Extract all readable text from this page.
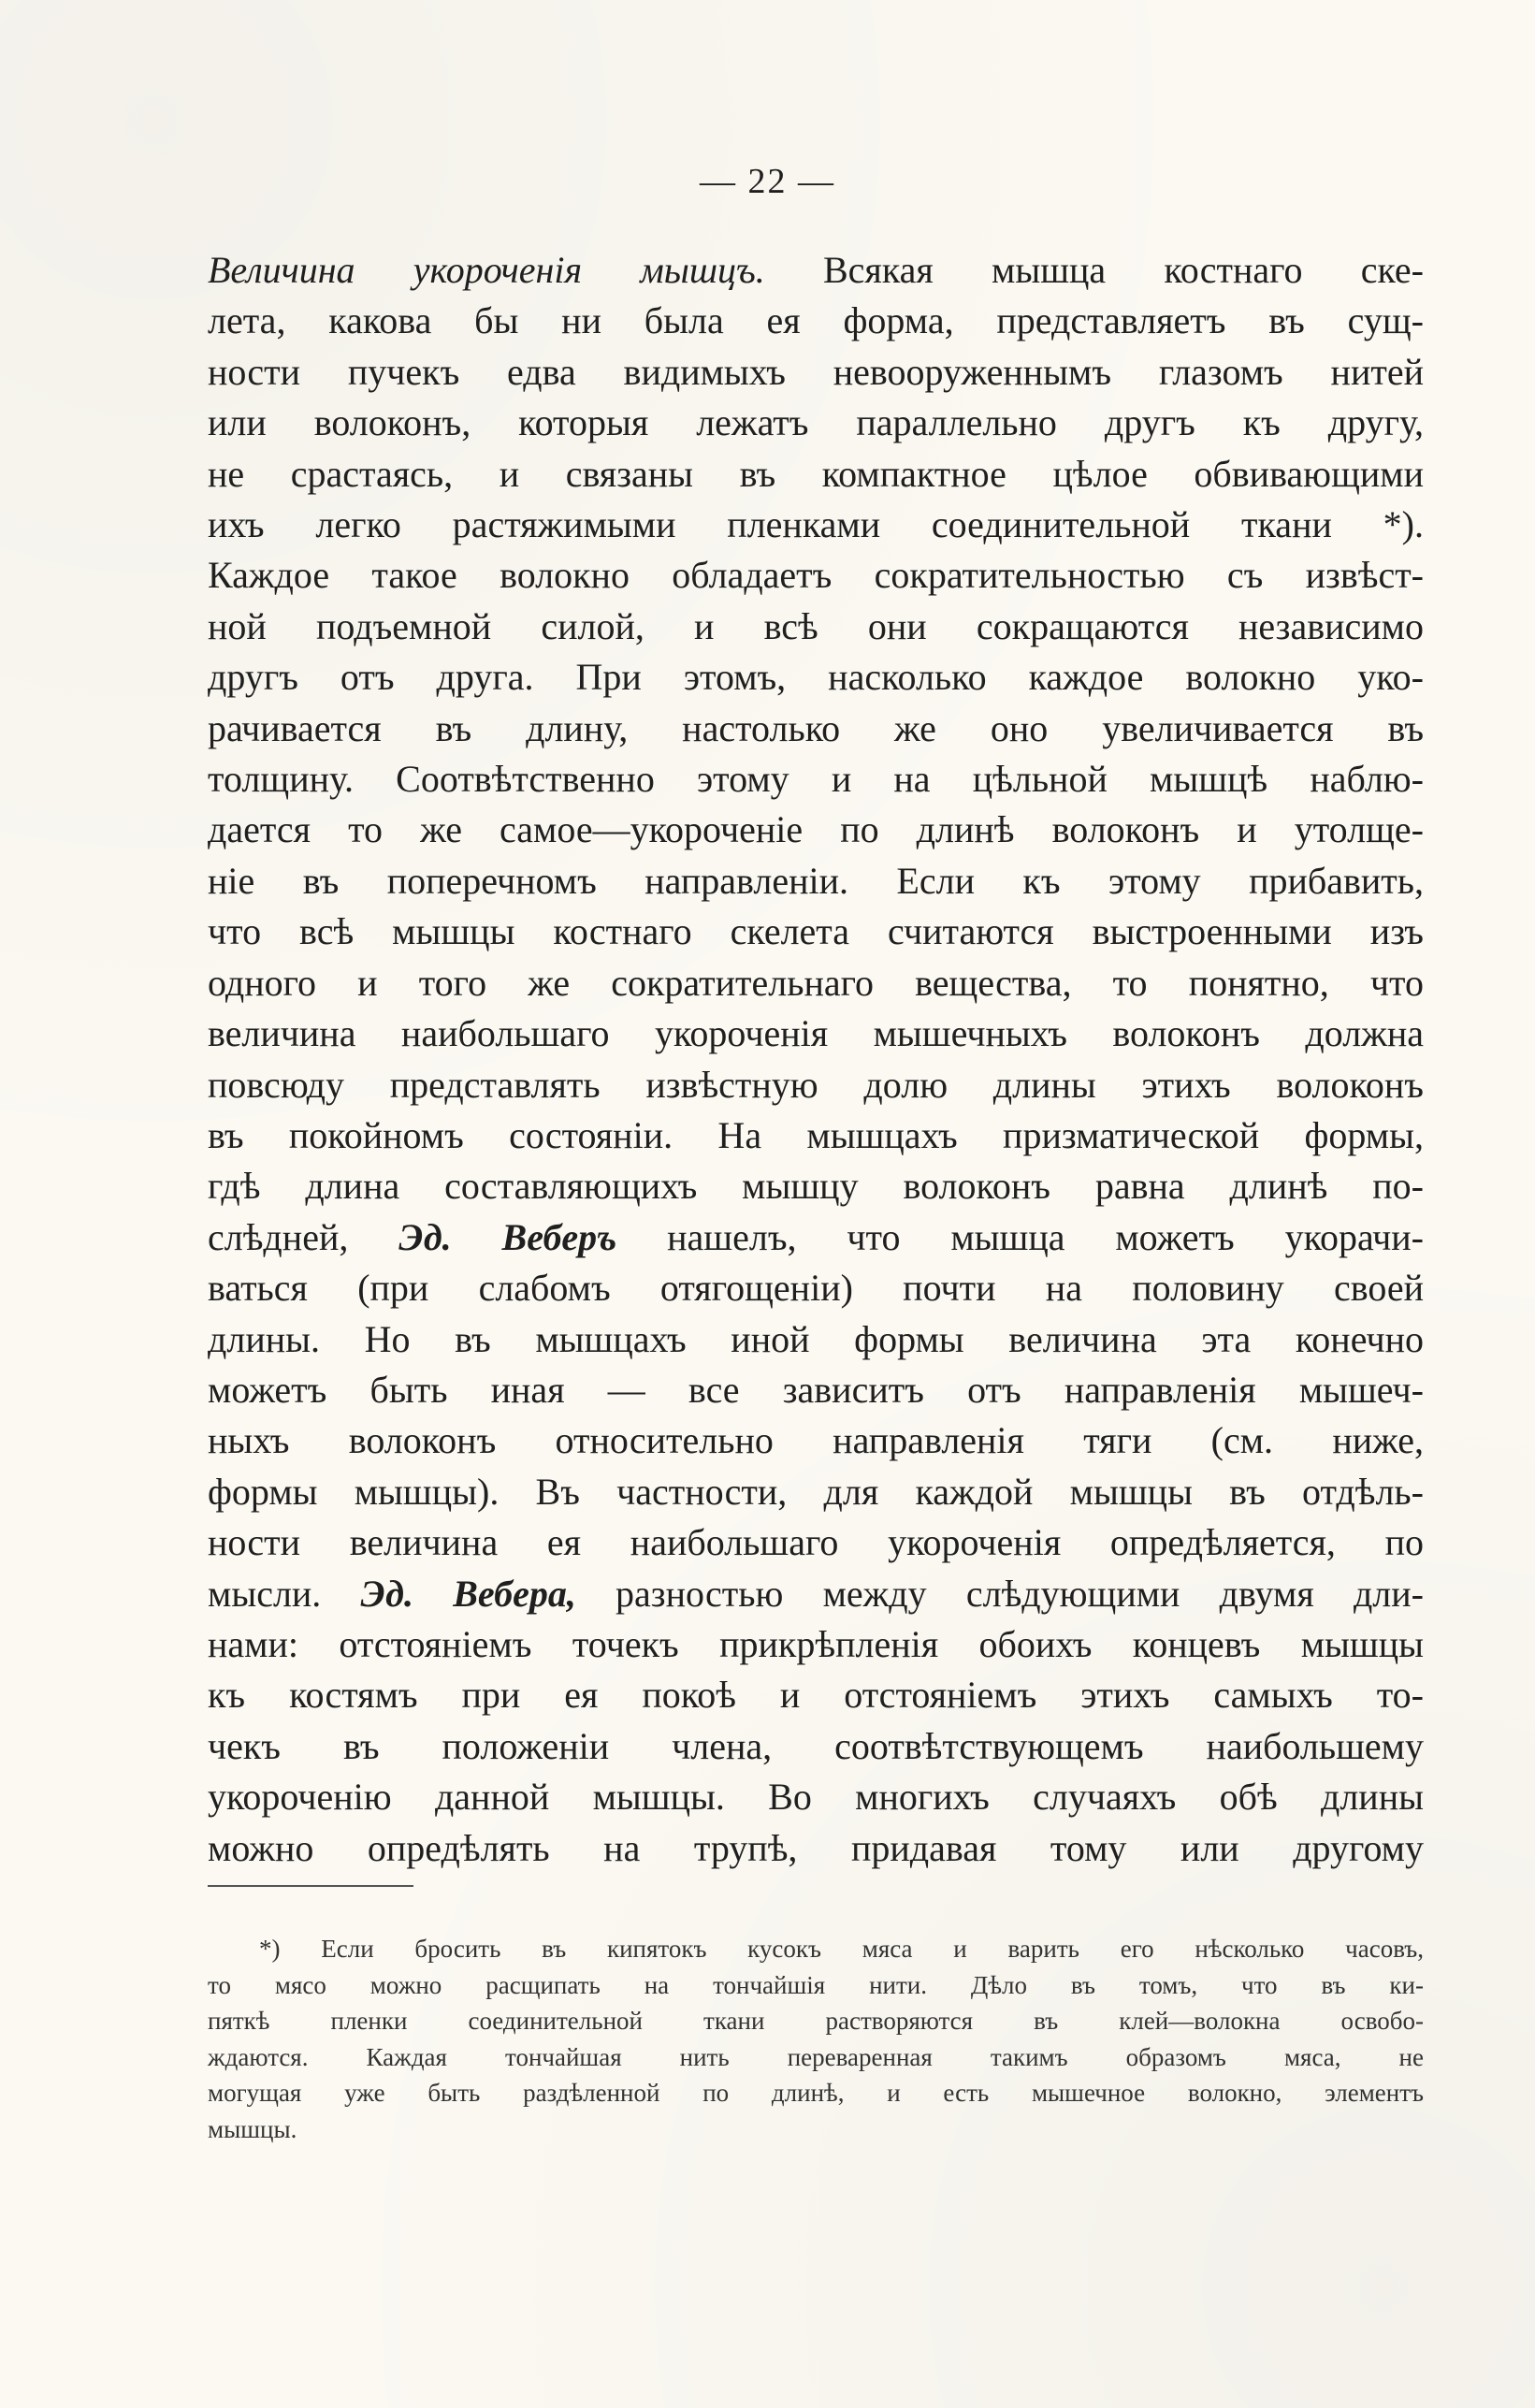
— 22 —
Величина укороченія мышцъ. Всякая мышца костнаго ске-
лета, какова бы ни была ея форма, представляетъ въ сущ-
ности пучекъ едва видимыхъ невооруженнымъ глазомъ нитей
или волоконъ, которыя лежатъ параллельно другъ къ другу,
не срастаясь, и связаны въ компактное цѣлое обвивающими
ихъ легко растяжимыми пленками соединительной ткани *).
Каждое такое волокно обладаетъ сократительностью съ извѣст-
ной подъемной силой, и всѣ они сокращаются независимо
другъ отъ друга. При этомъ, насколько каждое волокно уко-
рачивается въ длину, настолько же оно увеличивается въ
толщину. Соотвѣтственно этому и на цѣльной мышцѣ наблю-
дается то же самое—укороченіе по длинѣ волоконъ и утолще-
ніе въ поперечномъ направленіи. Если къ этому прибавить,
что всѣ мышцы костнаго скелета считаются выстроенными изъ
одного и того же сократительнаго вещества, то понятно, что
величина наибольшаго укороченія мышечныхъ волоконъ должна
повсюду представлять извѣстную долю длины этихъ волоконъ
въ покойномъ состояніи. На мышцахъ призматической формы,
гдѣ длина составляющихъ мышцу волоконъ равна длинѣ по-
слѣдней, Эд. Веберъ нашелъ, что мышца можетъ укорачи-
ваться (при слабомъ отягощеніи) почти на половину своей
длины. Но въ мышцахъ иной формы величина эта конечно
можетъ быть иная — все зависитъ отъ направленія мышеч-
ныхъ волоконъ относительно направленія тяги (см. ниже,
формы мышцы). Въ частности, для каждой мышцы въ отдѣль-
ности величина ея наибольшаго укороченія опредѣляется, по
мысли. Эд. Вебера, разностью между слѣдующими двумя дли-
нами: отстояніемъ точекъ прикрѣпленія обоихъ концевъ мышцы
къ костямъ при ея покоѣ и отстояніемъ этихъ самыхъ то-
чекъ въ положеніи члена, соотвѣтствующемъ наибольшему
укороченію данной мышцы. Во многихъ случаяхъ обѣ длины
можно опредѣлять на трупѣ, придавая тому или другому
*) Если бросить въ кипятокъ кусокъ мяса и варить его нѣсколько часовъ,
то мясо можно расщипать на тончайшія нити. Дѣло въ томъ, что въ ки-
пяткѣ пленки соединительной ткани растворяются въ клей—волокна освобо-
ждаются. Каждая тончайшая нить переваренная такимъ образомъ мяса, не
могущая уже быть раздѣленной по длинѣ, и есть мышечное волокно, элементъ
мышцы.
